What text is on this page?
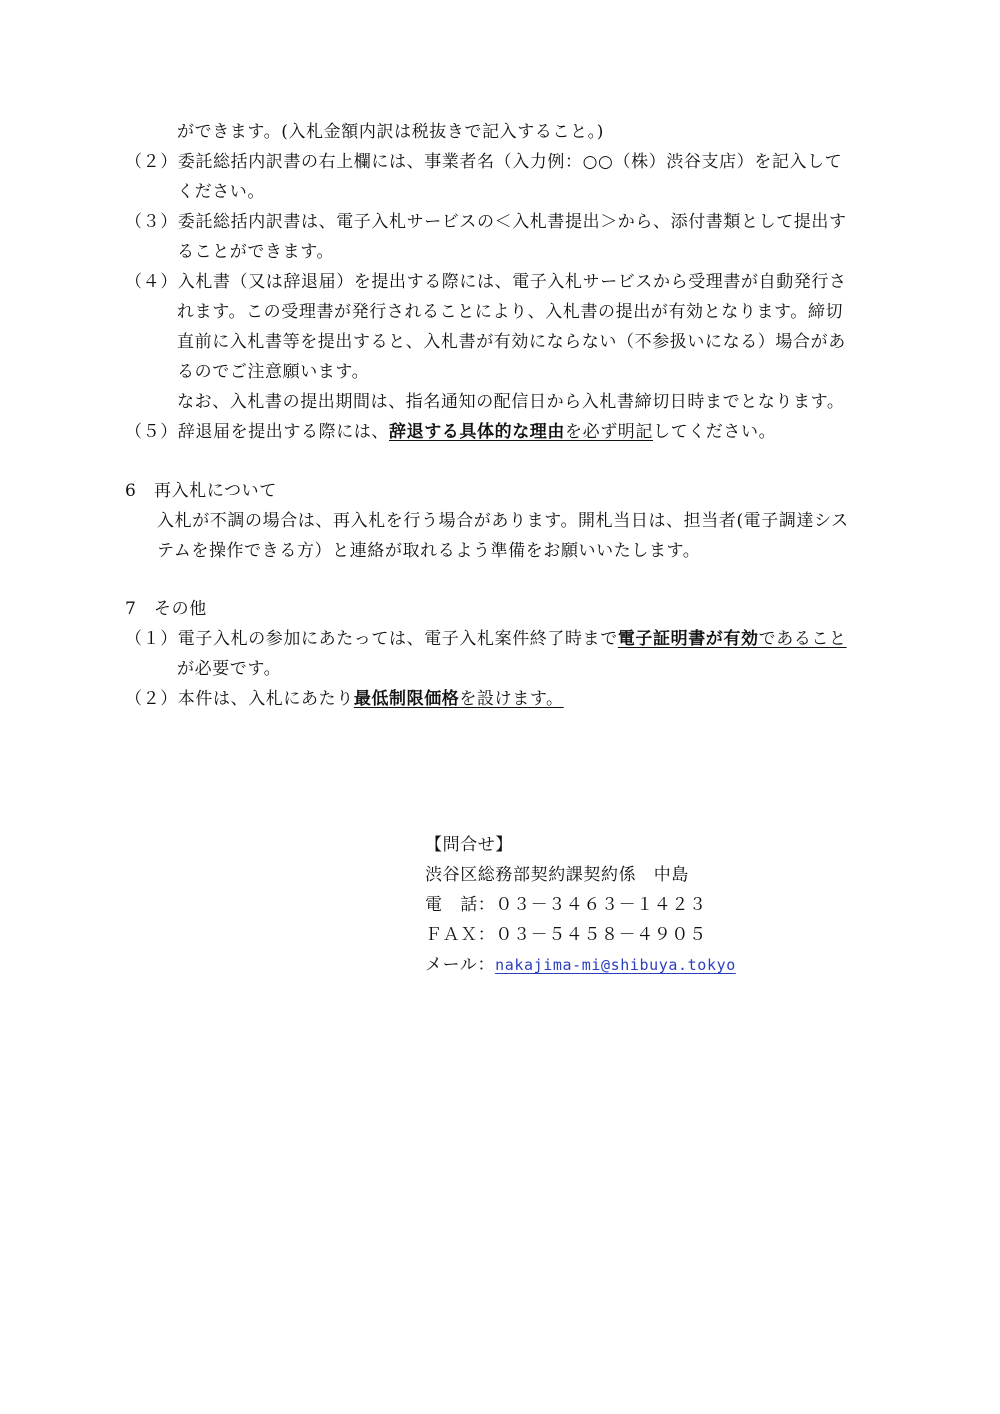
ができます。(入札金額内訳は税抜きで記入すること。)
（２）委託総括内訳書の右上欄には、事業者名（入力例：○○（株）渋谷支店）を記入して
ください。
（３）委託総括内訳書は、電子入札サービスの＜入札書提出＞から、添付書類として提出す
ることができます。
（４）入札書（又は辞退届）を提出する際には、電子入札サービスから受理書が自動発行さ
れます。この受理書が発行されることにより、入札書の提出が有効となります。締切
直前に入札書等を提出すると、入札書が有効にならない（不参扱いになる）場合があ
るのでご注意願います。
なお、入札書の提出期間は、指名通知の配信日から入札書締切日時までとなります。
（５）辞退届を提出する際には、辞退する具体的な理由を必ず明記してください。
6　再入札について
入札が不調の場合は、再入札を行う場合があります。開札当日は、担当者(電子調達シス
テムを操作できる方）と連絡が取れるよう準備をお願いいたします。
7　その他
（１）電子入札の参加にあたっては、電子入札案件終了時まで電子証明書が有効であること
が必要です。
（２）本件は、入札にあたり最低制限価格を設けます。
【問合せ】
渋谷区総務部契約課契約係　中島
電　話：０３－３４６３－１４２３
ＦＡＸ：０３－５４５８－４９０５
メール：nakajima-mi@shibuya.tokyo
